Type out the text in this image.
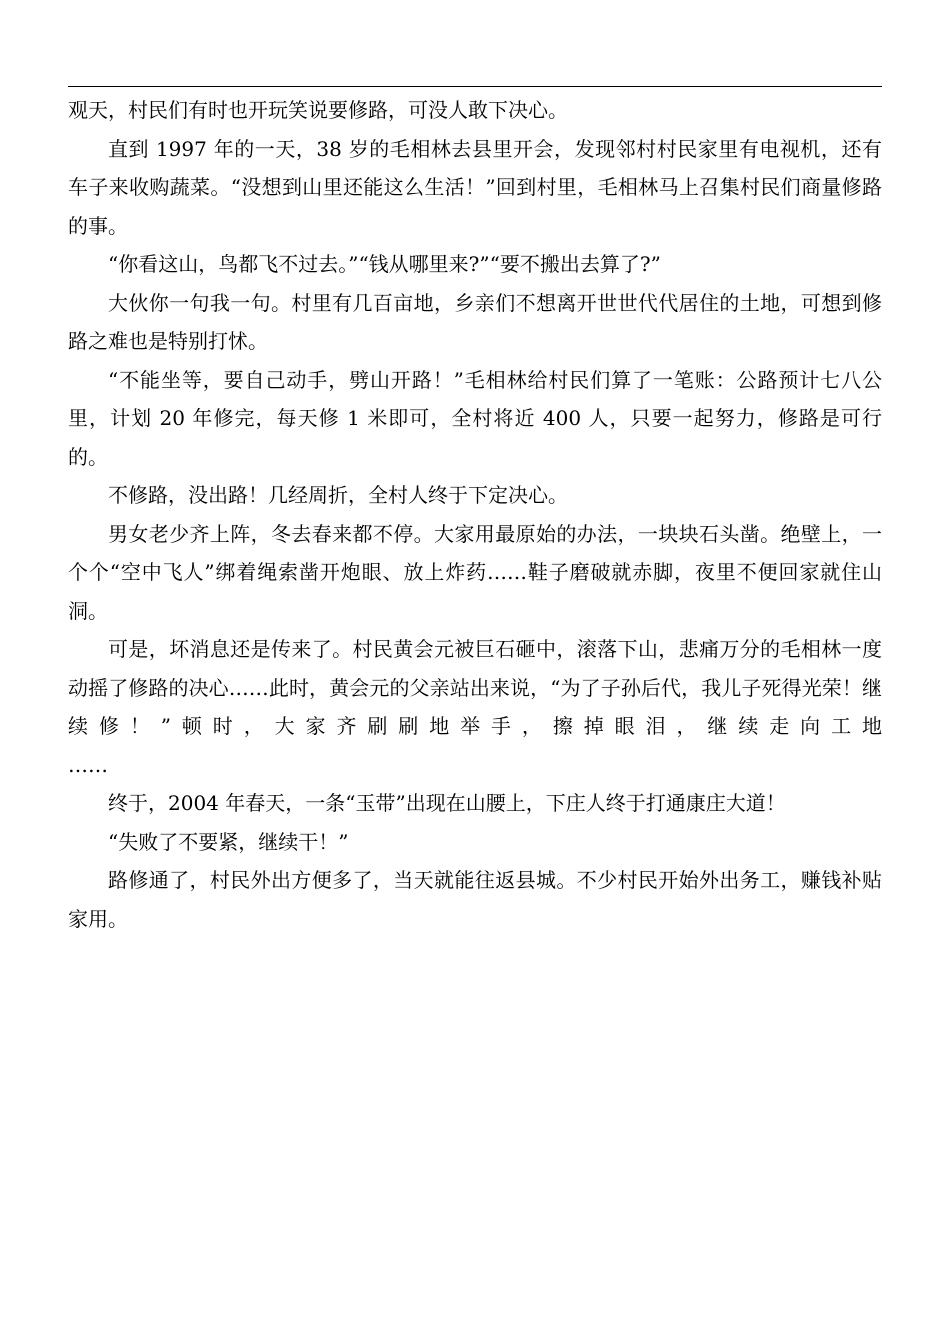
观天，村民们有时也开玩笑说要修路，可没人敢下决心。

直到 1997 年的一天，38 岁的毛相林去县里开会，发现邻村村民家里有电视机，还有车子来收购蔬菜。“没想到山里还能这么生活！”回到村里，毛相林马上召集村民们商量修路的事。

“你看这山，鸟都飞不过去。”“钱从哪里来?”“要不搬出去算了?”

大伙你一句我一句。村里有几百亩地，乡亲们不想离开世世代代居住的土地，可想到修路之难也是特别打怵。

“不能坐等，要自己动手，劈山开路！”毛相林给村民们算了一笔账：公路预计七八公里，计划 20 年修完，每天修 1 米即可，全村将近 400 人，只要一起努力，修路是可行的。

不修路，没出路！几经周折，全村人终于下定决心。

男女老少齐上阵，冬去春来都不停。大家用最原始的办法，一块块石头凿。绝壁上，一个个“空中飞人”绑着绳索凿开炮眼、放上炸药……鞋子磨破就赤脚，夜里不便回家就住山洞。

可是，坏消息还是传来了。村民黄会元被巨石砸中，滚落下山，悲痛万分的毛相林一度动摇了修路的决心……此时，黄会元的父亲站出来说，“为了子孙后代，我儿子死得光荣！继续修！”顿时，大家齐刷刷地举手，擦掉眼泪，继续走向工地

……

终于，2004 年春天，一条“玉带”出现在山腰上，下庄人终于打通康庄大道！

“失败了不要紧，继续干！”

路修通了，村民外出方便多了，当天就能往返县城。不少村民开始外出务工，赚钱补贴家用。
